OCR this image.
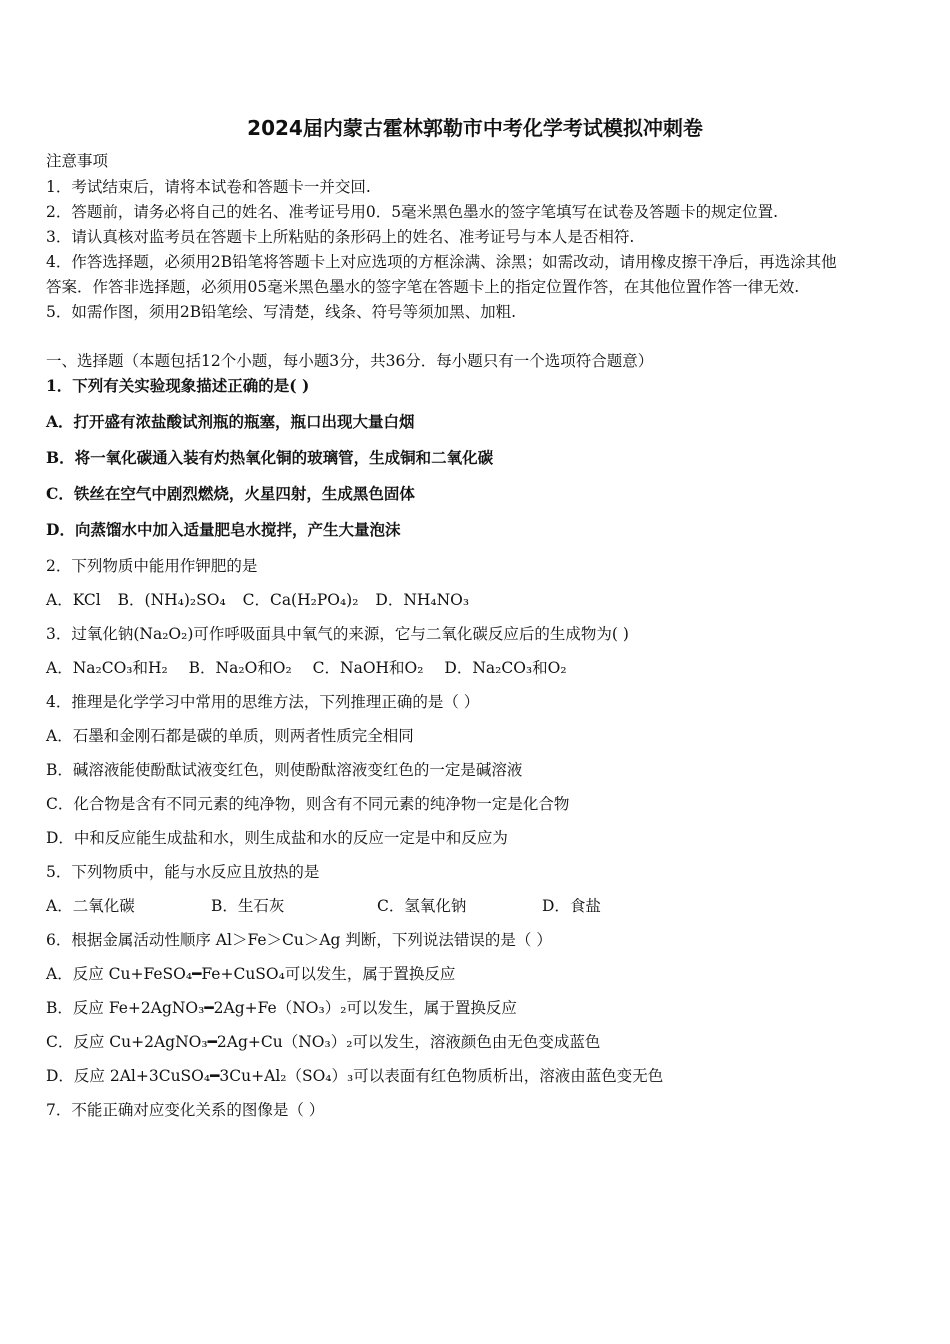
2024届内蒙古霍林郭勒市中考化学考试模拟冲刺卷
注意事项
1．考试结束后，请将本试卷和答题卡一并交回.
2．答题前，请务必将自己的姓名、准考证号用0．5毫米黑色墨水的签字笔填写在试卷及答题卡的规定位置.
3．请认真核对监考员在答题卡上所粘贴的条形码上的姓名、准考证号与本人是否相符.
4．作答选择题，必须用2B铅笔将答题卡上对应选项的方框涂满、涂黑；如需改动，请用橡皮擦干净后，再选涂其他
答案．作答非选择题，必须用05毫米黑色墨水的签字笔在答题卡上的指定位置作答，在其他位置作答一律无效.
5．如需作图，须用2B铅笔绘、写清楚，线条、符号等须加黑、加粗.
一、选择题（本题包括12个小题，每小题3分，共36分．每小题只有一个选项符合题意）
1．下列有关实验现象描述正确的是( )
A．打开盛有浓盐酸试剂瓶的瓶塞，瓶口出现大量白烟
B．将一氧化碳通入装有灼热氧化铜的玻璃管，生成铜和二氧化碳
C．铁丝在空气中剧烈燃烧，火星四射，生成黑色固体
D．向蒸馏水中加入适量肥皂水搅拌，产生大量泡沫
2．下列物质中能用作钾肥的是
A．KCl B．(NH₄)₂SO₄ C．Ca(H₂PO₄)₂ D．NH₄NO₃
3．过氧化钠(Na₂O₂)可作呼吸面具中氧气的来源，它与二氧化碳反应后的生成物为( )
A．Na₂CO₃和H₂ B．Na₂O和O₂ C．NaOH和O₂ D．Na₂CO₃和O₂
4．推理是化学学习中常用的思维方法，下列推理正确的是（ ）
A．石墨和金刚石都是碳的单质，则两者性质完全相同
B．碱溶液能使酚酞试液变红色，则使酚酞溶液变红色的一定是碱溶液
C．化合物是含有不同元素的纯净物，则含有不同元素的纯净物一定是化合物
D．中和反应能生成盐和水，则生成盐和水的反应一定是中和反应为
5．下列物质中，能与水反应且放热的是
A．二氧化碳	B．生石灰	C．氢氧化钠	D．食盐
6．根据金属活动性顺序 Al＞Fe＞Cu＞Ag 判断，下列说法错误的是（ ）
A．反应 Cu+FeSO₄━Fe+CuSO₄可以发生，属于置换反应
B．反应 Fe+2AgNO₃━2Ag+Fe（NO₃）₂可以发生，属于置换反应
C．反应 Cu+2AgNO₃━2Ag+Cu（NO₃）₂可以发生，溶液颜色由无色变成蓝色
D．反应 2Al+3CuSO₄━3Cu+Al₂（SO₄）₃可以表面有红色物质析出，溶液由蓝色变无色
7．不能正确对应变化关系的图像是（ ）
